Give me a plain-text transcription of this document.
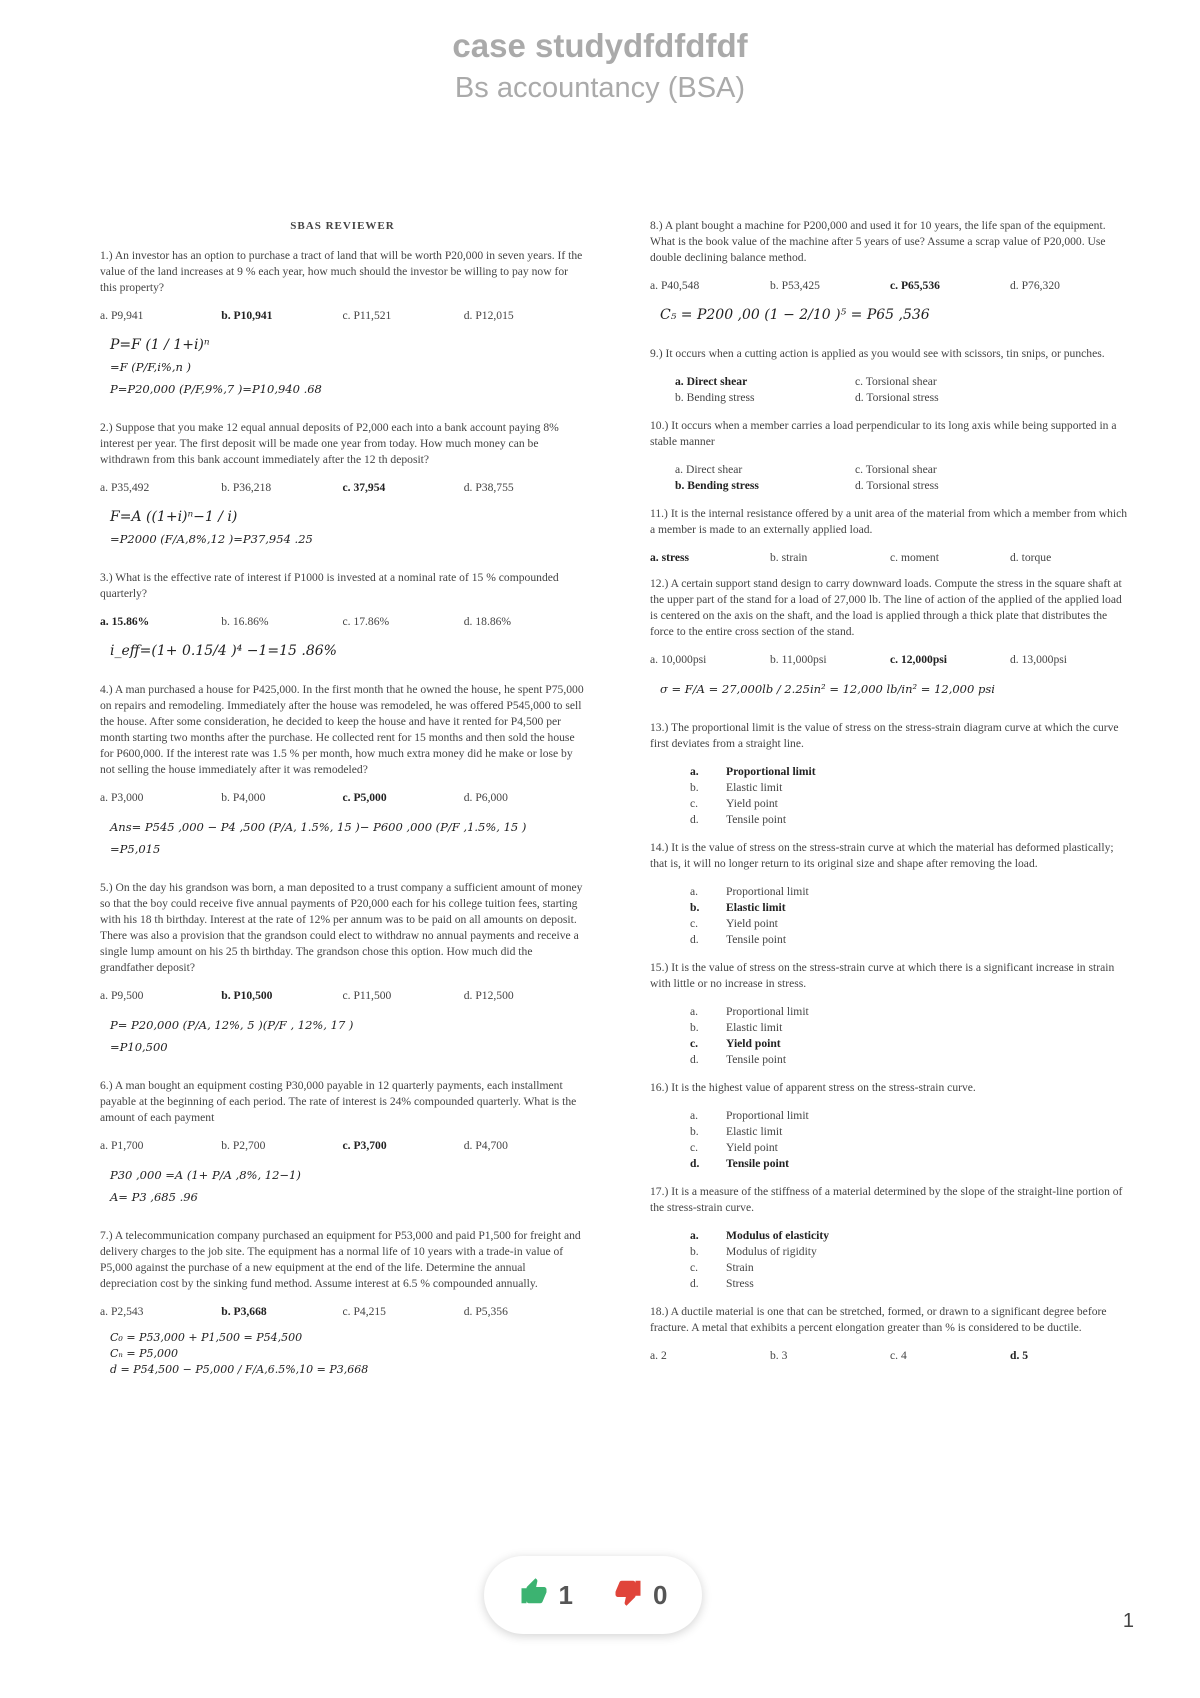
case studydfdfdfdf

Bs accountancy (BSA)

SBAS REVIEWER

1.) An investor has an option to purchase a tract of land that will be worth P20,000 in seven years. If the value of the land increases at 9 % each year, how much should the investor be willing to pay now for this property?

a. P9,941	b. P10,941	c. P11,521	d. P12,015
P=F (1 / 1+i)ⁿ
=F (P/F,i%,n )
P=P20,000 (P/F,9%,7 )=P10,940 .68

2.) Suppose that you make 12 equal annual deposits of P2,000 each into a bank account paying 8% interest per year. The first deposit will be made one year from today. How much money can be withdrawn from this bank account immediately after the 12 th deposit?

a. P35,492	b. P36,218	c. 37,954	d. P38,755
F=A ((1+i)ⁿ−1 / i)
=P2000 (F/A,8%,12 )=P37,954 .25

3.) What is the effective rate of interest if P1000 is invested at a nominal rate of 15 % compounded quarterly?

a. 15.86%	b. 16.86%	c. 17.86%	d. 18.86%
i_eff=(1+ 0.15/4 )⁴ −1=15 .86%

4.) A man purchased a house for P425,000. In the first month that he owned the house, he spent P75,000 on repairs and remodeling. Immediately after the house was remodeled, he was offered P545,000 to sell the house. After some consideration, he decided to keep the house and have it rented for P4,500 per month starting two months after the purchase. He collected rent for 15 months and then sold the house for P600,000. If the interest rate was 1.5 % per month, how much extra money did he make or lose by not selling the house immediately after it was remodeled?

a. P3,000	b. P4,000	c. P5,000	d. P6,000
Ans= P545 ,000 − P4 ,500 (P/A, 1.5%, 15 )− P600 ,000 (P/F ,1.5%, 15 )
=P5,015

5.) On the day his grandson was born, a man deposited to a trust company a sufficient amount of money so that the boy could receive five annual payments of P20,000 each for his college tuition fees, starting with his 18 th birthday. Interest at the rate of 12% per annum was to be paid on all amounts on deposit. There was also a provision that the grandson could elect to withdraw no annual payments and receive a single lump amount on his 25 th birthday. The grandson chose this option. How much did the grandfather deposit?

a. P9,500	b. P10,500	c. P11,500	d. P12,500
P= P20,000 (P/A, 12%, 5 )(P/F , 12%, 17 )
=P10,500

6.) A man bought an equipment costing P30,000 payable in 12 quarterly payments, each installment payable at the beginning of each period. The rate of interest is 24% compounded quarterly. What is the amount of each payment

a. P1,700	b. P2,700	c. P3,700	d. P4,700
P30 ,000 =A (1+ P/A ,8%, 12−1)
A= P3 ,685 .96

7.) A telecommunication company purchased an equipment for P53,000 and paid P1,500 for freight and delivery charges to the job site. The equipment has a normal life of 10 years with a trade-in value of P5,000 against the purchase of a new equipment at the end of the life. Determine the annual depreciation cost by the sinking fund method. Assume interest at 6.5 % compounded annually.

a. P2,543	b. P3,668	c. P4,215	d. P5,356
C₀ = P53,000 + P1,500 = P54,500
Cₙ = P5,000
d = P54,500 − P5,000 / F/A,6.5%,10 = P3,668

8.) A plant bought a machine for P200,000 and used it for 10 years, the life span of the equipment. What is the book value of the machine after 5 years of use? Assume a scrap value of P20,000. Use double declining balance method.

a. P40,548	b. P53,425	c. P65,536	d. P76,320
C₅ = P200 ,00 (1 − 2/10 )⁵ = P65 ,536

9.) It occurs when a cutting action is applied as you would see with scissors, tin snips, or punches.

a. Direct shear	c. Torsional shear
b. Bending stress	d. Torsional stress

10.) It occurs when a member carries a load perpendicular to its long axis while being supported in a stable manner

a. Direct shear	c. Torsional shear
b. Bending stress	d. Torsional stress

11.) It is the internal resistance offered by a unit area of the material from which a member from which a member is made to an externally applied load.

a. stress	b. strain	c. moment	d. torque

12.) A certain support stand design to carry downward loads. Compute the stress in the square shaft at the upper part of the stand for a load of 27,000 lb. The line of action of the applied of the applied load is centered on the axis on the shaft, and the load is applied through a thick plate that distributes the force to the entire cross section of the stand.

a. 10,000psi	b. 11,000psi	c. 12,000psi	d. 13,000psi
σ = F/A = 27,000lb / 2.25in² = 12,000 lb/in² = 12,000 psi

13.) The proportional limit is the value of stress on the stress-strain diagram curve at which the curve first deviates from a straight line.

a. Proportional limit
b. Elastic limit
c. Yield point
d. Tensile point

14.) It is the value of stress on the stress-strain curve at which the material has deformed plastically; that is, it will no longer return to its original size and shape after removing the load.

a. Proportional limit
b. Elastic limit
c. Yield point
d. Tensile point

15.) It is the value of stress on the stress-strain curve at which there is a significant increase in strain with little or no increase in stress.

a. Proportional limit
b. Elastic limit
c. Yield point
d. Tensile point

16.) It is the highest value of apparent stress on the stress-strain curve.

a. Proportional limit
b. Elastic limit
c. Yield point
d. Tensile point

17.) It is a measure of the stiffness of a material determined by the slope of the straight-line portion of the stress-strain curve.

a. Modulus of elasticity
b. Modulus of rigidity
c. Strain
d. Stress

18.) A ductile material is one that can be stretched, formed, or drawn to a significant degree before fracture. A metal that exhibits a percent elongation greater than % is considered to be ductile.

a. 2	b. 3	c. 4	d. 5
1	0
1
